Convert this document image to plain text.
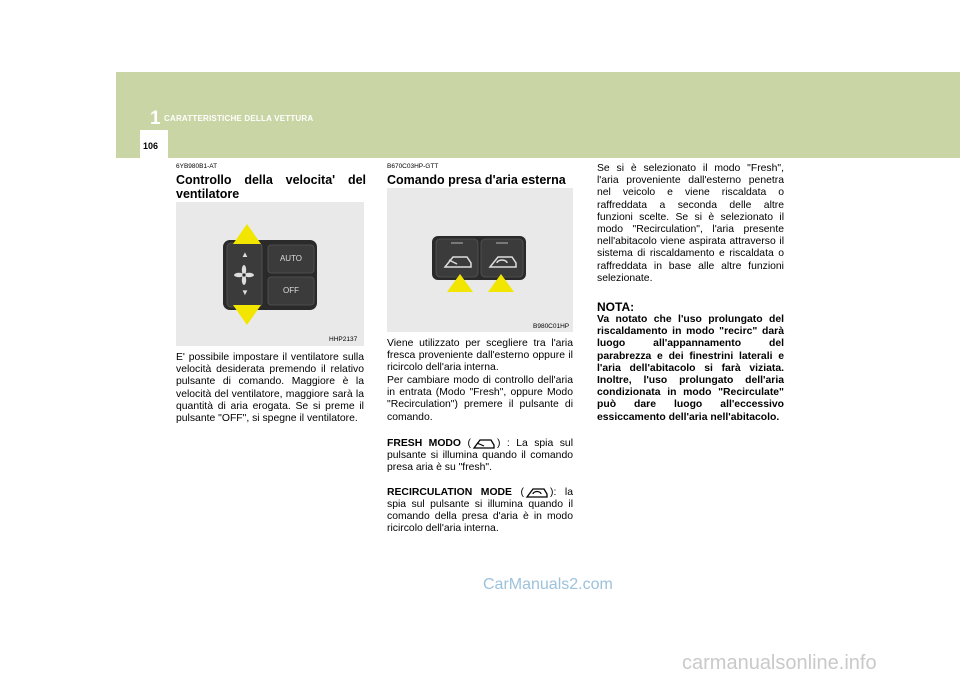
1 CARATTERISTICHE DELLA VETTURA
106
6YB980B1-AT
Controllo della velocita' del
ventilatore
▲
▼
AUTO
OFF
HHP2137
E' possibile impostare il ventilatore sulla velocità desiderata premendo il relativo pulsante di comando. Maggiore è la velocità del ventilatore, maggiore sarà la quantità di aria erogata. Se si preme il pulsante "OFF", si spegne il ventilatore.
B670C03HP-GTT
Comando presa d'aria esterna
B980C01HP
Viene utilizzato per scegliere tra l'aria fresca proveniente dall'esterno oppure il ricircolo dell'aria interna.
Per cambiare modo di controllo dell'aria in entrata (Modo "Fresh", oppure Modo "Recirculation") premere il pulsante di comando.
FRESH MODO (	) : La spia sul pulsante si illumina quando il comando presa aria è su "fresh".
RECIRCULATION MODE (	): la spia sul pulsante si illumina quando il comando della presa d'aria è in modo ricircolo dell'aria interna.
Se si è selezionato il modo "Fresh", l'aria proveniente dall'esterno penetra nel veicolo e viene riscaldata o raffreddata a seconda delle altre funzioni scelte. Se si è selezionato il modo "Recirculation", l'aria presente nell'abitacolo viene aspirata attraverso il sistema di riscaldamento e riscaldata o raffreddata in base alle altre funzioni selezionate.
NOTA:
Va notato che l'uso prolungato del riscaldamento in modo "recirc" darà luogo all'appannamento del parabrezza e dei finestrini laterali e l'aria dell'abitacolo si farà viziata. Inoltre, l'uso prolungato dell'aria condizionata in modo "Recirculate" può dare luogo all'eccessivo essiccamento dell'aria nell'abitacolo.
CarManuals2.com
carmanualsonline.info
